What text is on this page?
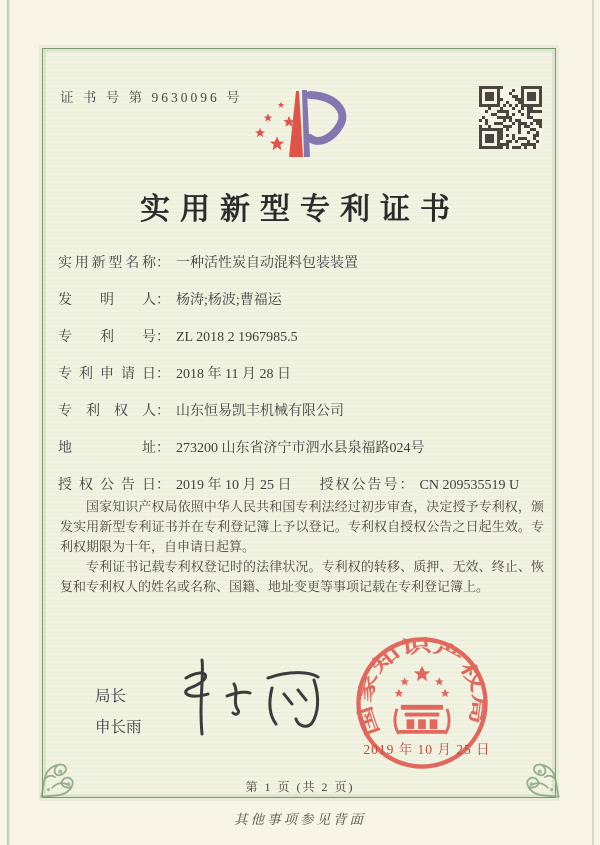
证 书 号 第 9630096 号
实用新型专利证书
实用新型名称 ： 一种活性炭自动混料包装装置
发明人 ： 杨涛;杨波;曹福运
专利号 ： ZL 2018 2 1967985.5
专利申请日 ： 2018 年 11 月 28 日
专利权人 ： 山东恒易凯丰机械有限公司
地址 ： 273200 山东省济宁市泗水县泉福路024号
授权公告日 ： 2019 年 10 月 25 日 授权公告号 ： CN 209535519 U

国家知识产权局依照中华人民共和国专利法经过初步审查，决定授予专利权，颁发实用新型专利证书并在专利登记簿上予以登记。专利权自授权公告之日起生效。专利权期限为十年，自申请日起算。

专利证书记载专利权登记时的法律状况。专利权的转移、质押、无效、终止、恢复和专利权人的姓名或名称、国籍、地址变更等事项记载在专利登记簿上。

局长
申长雨	国家知识产权局
2019 年 10 月 25 日
第 1 页 (共 2 页)
其他事项参见背面
